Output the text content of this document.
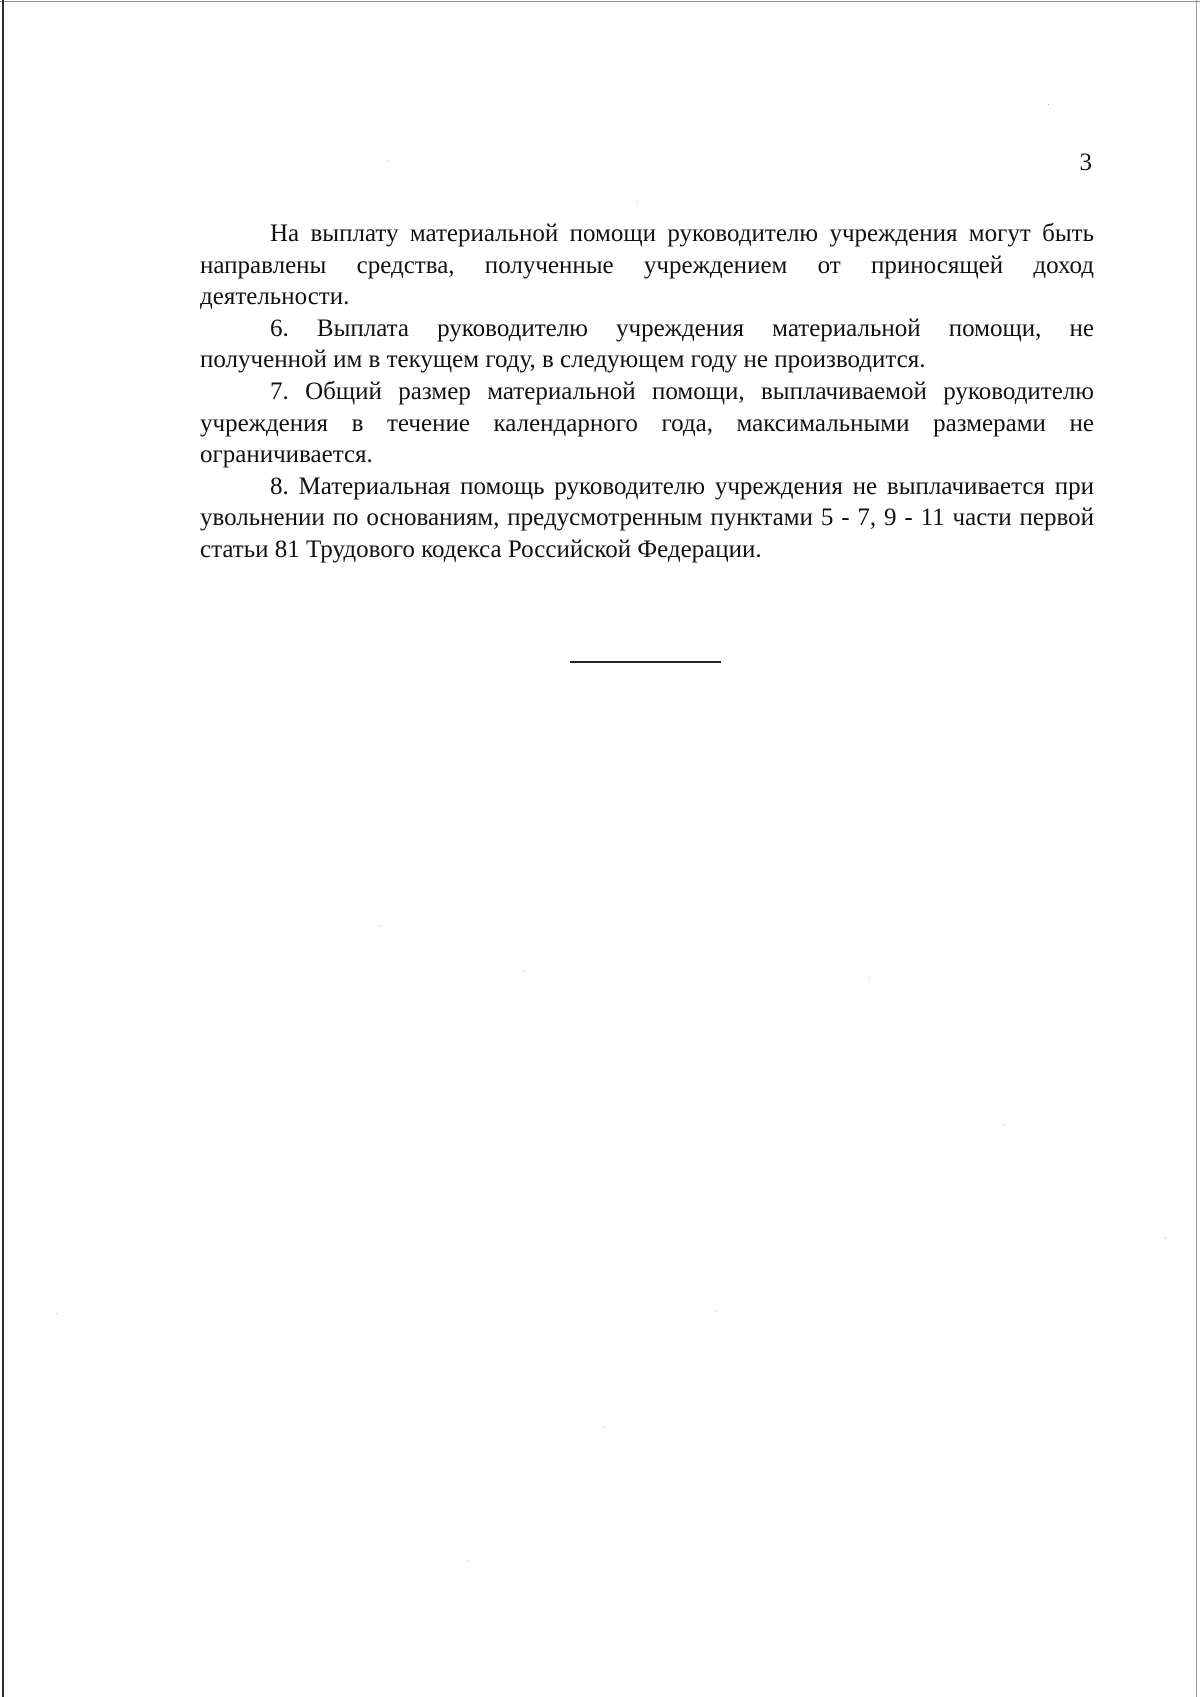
3

На выплату материальной помощи руководителю учреждения могут быть направлены средства, полученные учреждением от приносящей доход деятельности.

6. Выплата руководителю учреждения материальной помощи, не полученной им в текущем году, в следующем году не производится.

7. Общий размер материальной помощи, выплачиваемой руководителю учреждения в течение календарного года, максимальными размерами не ограничивается.

8. Материальная помощь руководителю учреждения не выплачивается при увольнении по основаниям, предусмотренным пунктами 5 - 7, 9 - 11 части первой статьи 81 Трудового кодекса Российской Федерации.
